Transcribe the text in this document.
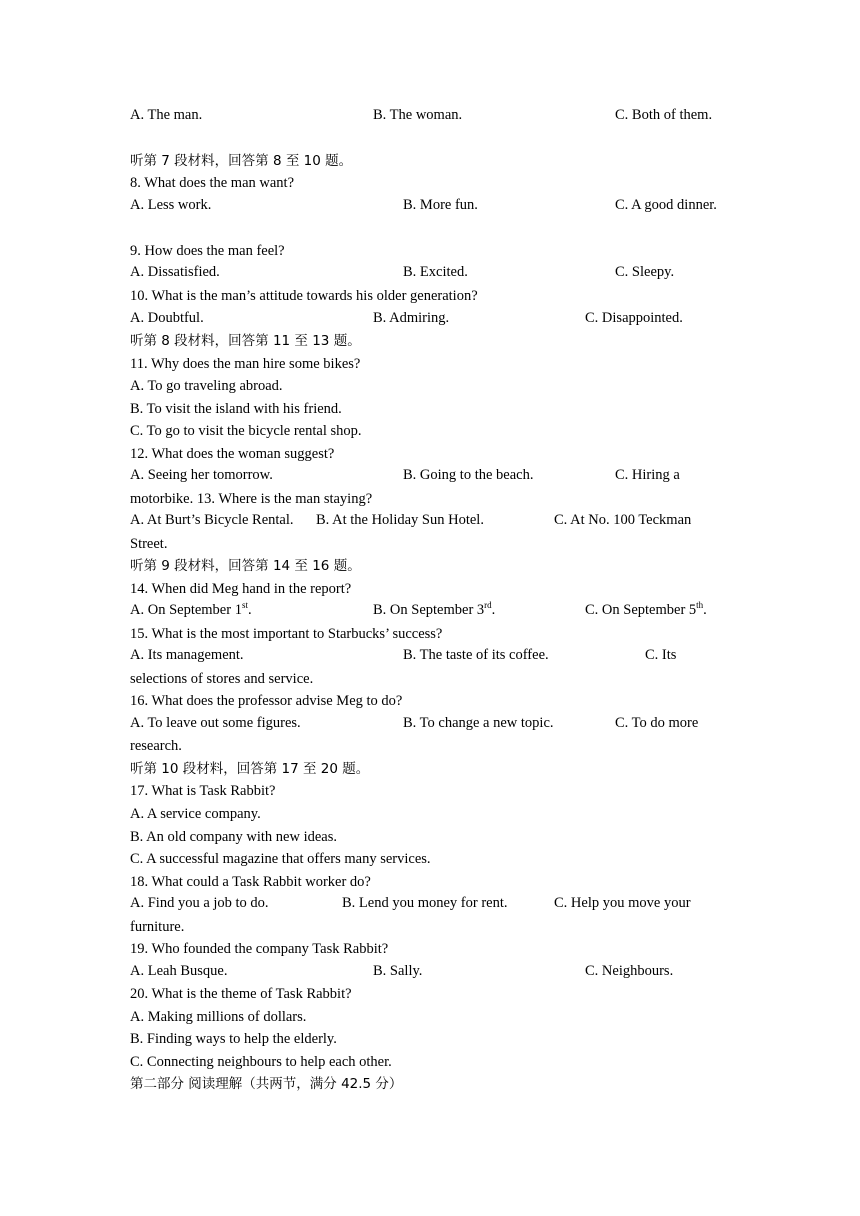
A. The man.	B. The woman.	C. Both of them.
听第 7 段材料，回答第 8 至 10 题。
8. What does the man want?
A. Less work.	B. More fun.	C. A good dinner.
9. How does the man feel?
A. Dissatisfied.	B. Excited.	C. Sleepy.
10. What is the man’s attitude towards his older generation?
A. Doubtful.	B. Admiring.	C. Disappointed.
听第 8 段材料，回答第 11 至 13 题。
11. Why does the man hire some bikes?
A. To go traveling abroad.
B. To visit the island with his friend.
C. To go to visit the bicycle rental shop.
12. What does the woman suggest?
A. Seeing her tomorrow.	B. Going to the beach.	C. Hiring a
motorbike. 13. Where is the man staying?
A. At Burt’s Bicycle Rental. B. At the Holiday Sun Hotel.	C. At No. 100 Teckman
Street.
听第 9 段材料，回答第 14 至 16 题。
14. When did Meg hand in the report?
A. On September 1st.	B. On September 3rd.	C. On September 5th.
15. What is the most important to Starbucks’ success?
A. Its management.	B. The taste of its coffee.	C. Its
selections of stores and service.
16. What does the professor advise Meg to do?
A. To leave out some figures.	B. To change a new topic.	C. To do more
research.
听第 10 段材料，回答第 17 至 20 题。
17. What is Task Rabbit?
A. A service company.
B. An old company with new ideas.
C. A successful magazine that offers many services.
18. What could a Task Rabbit worker do?
A. Find you a job to do.	B. Lend you money for rent.	C. Help you move your
furniture.
19. Who founded the company Task Rabbit?
A. Leah Busque.	B. Sally.	C. Neighbours.
20. What is the theme of Task Rabbit?
A. Making millions of dollars.
B. Finding ways to help the elderly.
C. Connecting neighbours to help each other.
第二部分 阅读理解（共两节，满分 42.5 分）
